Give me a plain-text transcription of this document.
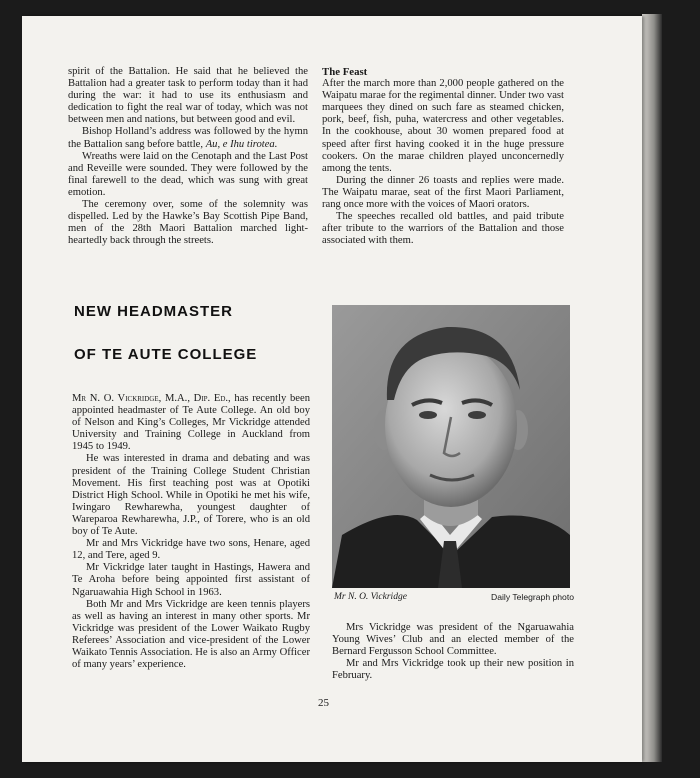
spirit of the Battalion. He said that he believed the Battalion had a greater task to perform today than it had during the war: it had to use its enthusiasm and dedication to fight the real war of today, which was not between men and nations, but between good and evil.

Bishop Holland’s address was followed by the hymn the Battalion sang before battle, Au, e Ihu tirotea.

Wreaths were laid on the Cenotaph and the Last Post and Reveille were sounded. They were followed by the final farewell to the dead, which was sung with great emotion.

The ceremony over, some of the solemnity was dispelled. Led by the Hawke’s Bay Scottish Pipe Band, men of the 28th Maori Battalion marched light-heartedly back through the streets.

The Feast

After the march more than 2,000 people gathered on the Waipatu marae for the regimental dinner. Under two vast marquees they dined on such fare as steamed chicken, pork, beef, fish, puha, watercress and other vegetables. In the cookhouse, about 30 women prepared food at speed after first having cooked it in the huge pressure cookers. On the marae children played unconcernedly among the tents.

During the dinner 26 toasts and replies were made. The Waipatu marae, seat of the first Maori Parliament, rang once more with the voices of Maori orators.

The speeches recalled old battles, and paid tribute after tribute to the warriors of the Battalion and those associated with them.

NEW HEADMASTER
OF TE AUTE COLLEGE

Mr N. O. Vickridge, M.A., Dip. Ed., has recently been appointed headmaster of Te Aute College. An old boy of Nelson and King’s Colleges, Mr Vickridge attended University and Training College in Auckland from 1945 to 1949.

He was interested in drama and debating and was president of the Training College Student Christian Movement. His first teaching post was at Opotiki District High School. While in Opotiki he met his wife, Iwingaro Rewharewha, youngest daughter of Wareparoa Rewharewha, J.P., of Torere, who is an old boy of Te Aute.

Mr and Mrs Vickridge have two sons, Henare, aged 12, and Tere, aged 9.

Mr Vickridge later taught in Hastings, Hawera and Te Aroha before being appointed first assistant of Ngaruawahia High School in 1963.

Both Mr and Mrs Vickridge are keen tennis players as well as having an interest in many other sports. Mr Vickridge was president of the Lower Waikato Rugby Referees’ Association and vice-president of the Lower Waikato Tennis Association. He is also an Army Officer of many years’ experience.

Mr N. O. Vickridge	Daily Telegraph photo

Mrs Vickridge was president of the Ngaruawahia Young Wives’ Club and an elected member of the Bernard Fergusson School Committee.

Mr and Mrs Vickridge took up their new position in February.

25
